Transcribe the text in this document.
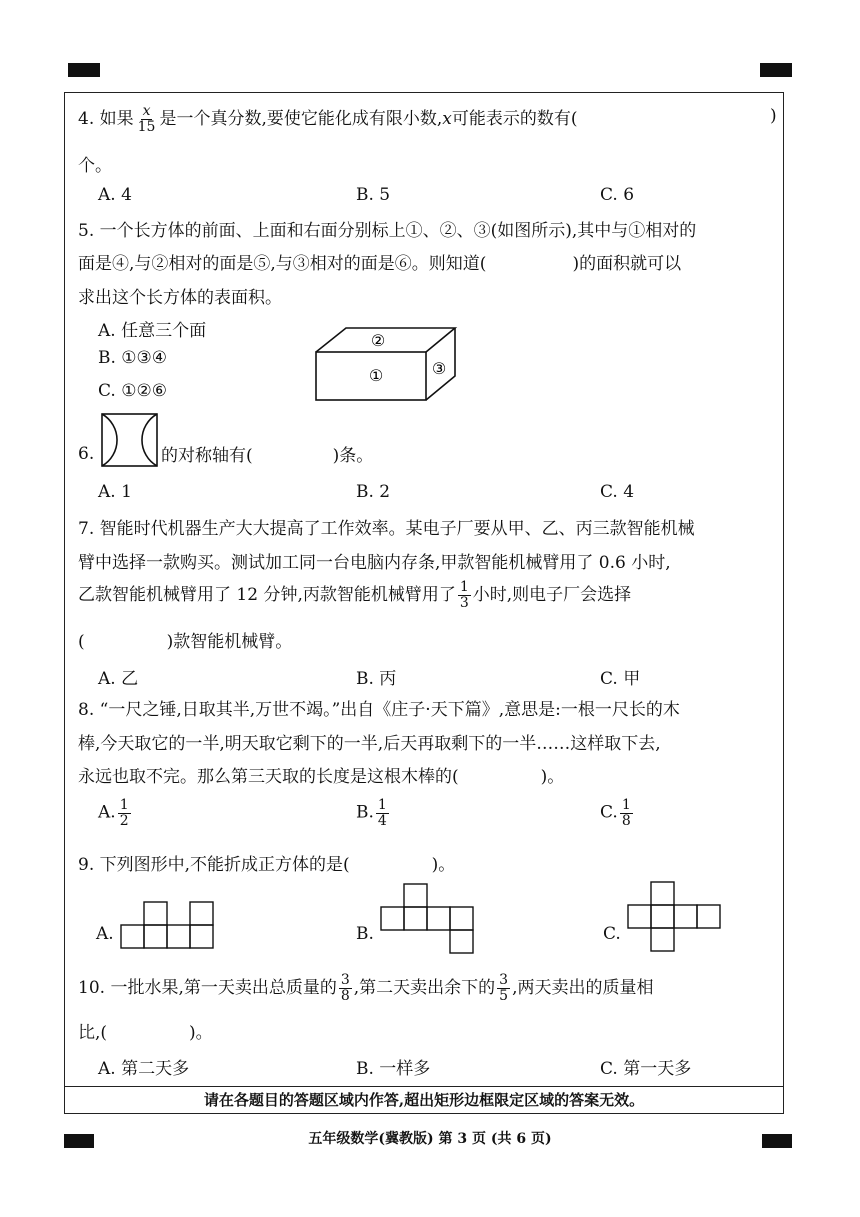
请在各题目的答题区域内作答,超出矩形边框限定区域的答案无效。
4. 如果 $\frac{x}{15}$ 是一个真分数,要使它能化成有限小数,x可能表示的数有(	)
个。
A. 4	B. 5	C. 6
5. 一个长方体的前面、上面和右面分别标上①、②、③(如图所示),其中与①相对的
面是④,与②相对的面是⑤,与③相对的面是⑥。则知道(	)的面积就可以
求出这个长方体的表面积。
A. 任意三个面
B. ①③④
C. ①②⑥
②
①	③
6.	的对称轴有(	)条。
A. 1	B. 2	C. 4
7. 智能时代机器生产大大提高了工作效率。某电子厂要从甲、乙、丙三款智能机械
臂中选择一款购买。测试加工同一台电脑内存条,甲款智能机械臂用了 0.6 小时,
乙款智能机械臂用了 12 分钟,丙款智能机械臂用了 $\frac{1}{3}$ 小时,则电子厂会选择
(	)款智能机械臂。
A. 乙	B. 丙	C. 甲
8. “一尺之锤,日取其半,万世不竭。”出自《庄子·天下篇》,意思是:一根一尺长的木
棒,今天取它的一半,明天取它剩下的一半,后天再取剩下的一半……这样取下去,
永远也取不完。那么第三天取的长度是这根木棒的(	)。
A. $\frac{1}{2}$	B. $\frac{1}{4}$	C. $\frac{1}{8}$
9. 下列图形中,不能折成正方体的是(	)。
A.	B.	C.
10. 一批水果,第一天卖出总质量的 $\frac{3}{8}$ ,第二天卖出余下的 $\frac{3}{5}$ ,两天卖出的质量相
比,(	)。
A. 第二天多	B. 一样多	C. 第一天多
五年级数学(冀教版) 第 3 页 (共 6 页)
